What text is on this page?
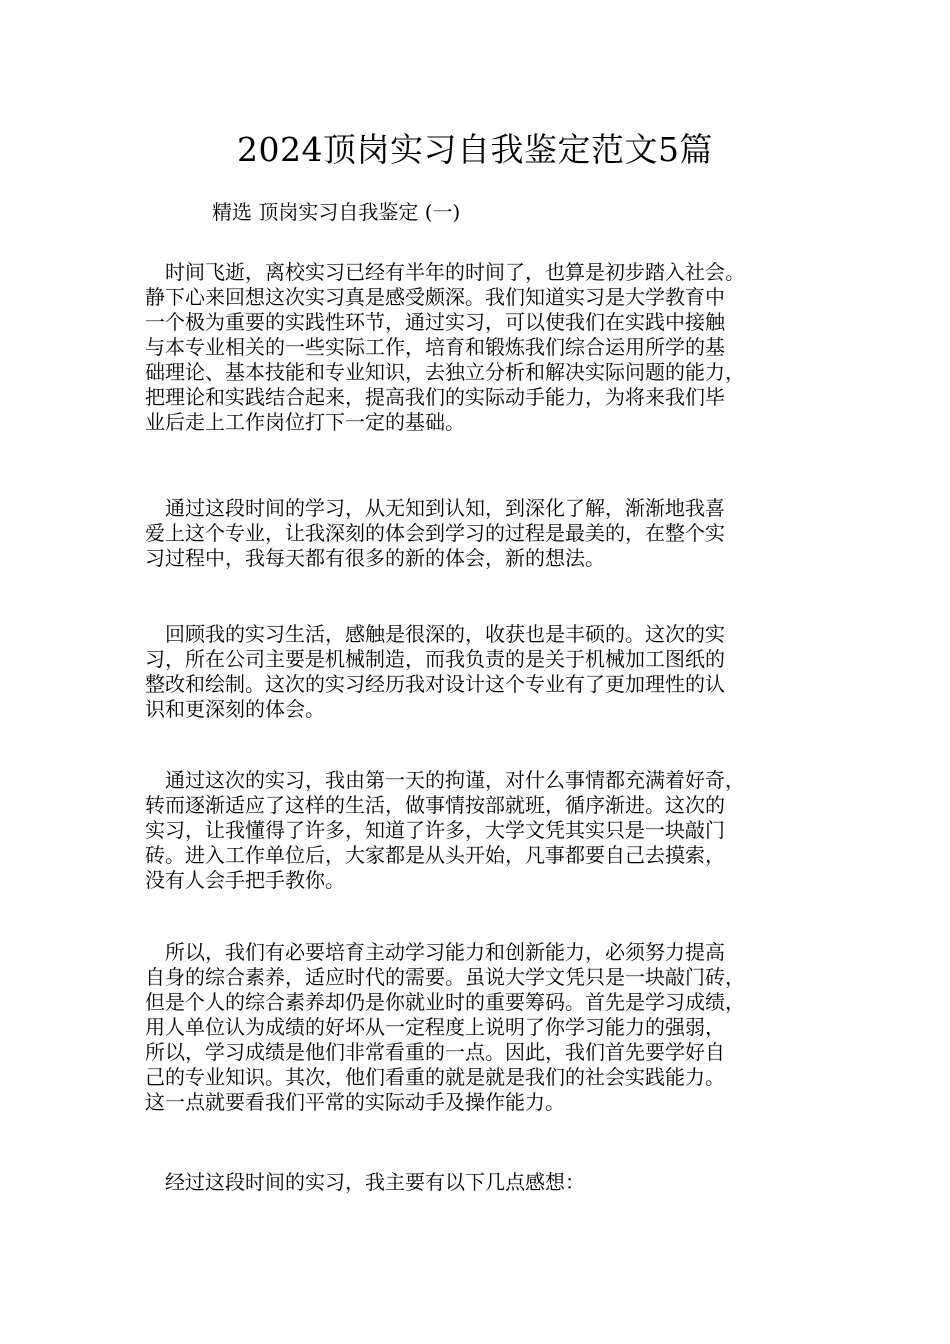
2024顶岗实习自我鉴定范文5篇
精选 顶岗实习自我鉴定 (一)
　时间飞逝，离校实习已经有半年的时间了，也算是初步踏入社会。
静下心来回想这次实习真是感受颇深。我们知道实习是大学教育中
一个极为重要的实践性环节，通过实习，可以使我们在实践中接触
与本专业相关的一些实际工作，培育和锻炼我们综合运用所学的基
础理论、基本技能和专业知识，去独立分析和解决实际问题的能力，
把理论和实践结合起来，提高我们的实际动手能力，为将来我们毕
业后走上工作岗位打下一定的基础。
　通过这段时间的学习，从无知到认知，到深化了解，渐渐地我喜
爱上这个专业，让我深刻的体会到学习的过程是最美的，在整个实
习过程中，我每天都有很多的新的体会，新的想法。
　回顾我的实习生活，感触是很深的，收获也是丰硕的。这次的实
习，所在公司主要是机械制造，而我负责的是关于机械加工图纸的
整改和绘制。这次的实习经历我对设计这个专业有了更加理性的认
识和更深刻的体会。
　通过这次的实习，我由第一天的拘谨，对什么事情都充满着好奇，
转而逐渐适应了这样的生活，做事情按部就班，循序渐进。这次的
实习，让我懂得了许多，知道了许多，大学文凭其实只是一块敲门
砖。进入工作单位后，大家都是从头开始，凡事都要自己去摸索，
没有人会手把手教你。
　所以，我们有必要培育主动学习能力和创新能力，必须努力提高
自身的综合素养，适应时代的需要。虽说大学文凭只是一块敲门砖，
但是个人的综合素养却仍是你就业时的重要筹码。首先是学习成绩，
用人单位认为成绩的好坏从一定程度上说明了你学习能力的强弱，
所以，学习成绩是他们非常看重的一点。因此，我们首先要学好自
己的专业知识。其次，他们看重的就是就是我们的社会实践能力。
这一点就要看我们平常的实际动手及操作能力。
　经过这段时间的实习，我主要有以下几点感想：
